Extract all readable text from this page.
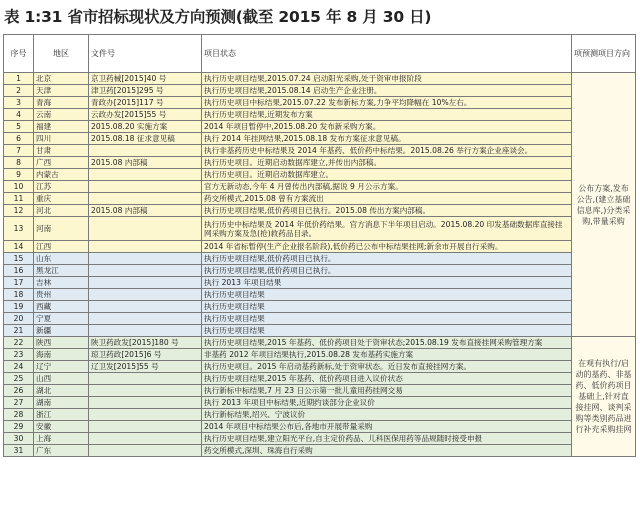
表 1:31 省市招标现状及方向预测(截至 2015 年 8 月 30 日)
序号	地区	文件号	项目状态	项预测项目方向
1	北京	京卫药械[2015]40 号	执行历史项目结果,2015.07.24 启动阳光采购,处于资审申报阶段	公布方案,发布公告,(建立基础信息库,)分类采购,带量采购
2	天津	津卫药[2015]295 号	执行历史项目结果,2015.08.14 启动生产企业注册。	
3	青海	青政办[2015]117 号	执行历史项目中标结果,2015.07.22 发布新标方案,力争平均降幅在 10%左右。	
4	云南	云政办发[2015]55 号	执行历史项目结果,近期发布方案	
5	福建	2015.08.20 实施方案	2014 年项目暂停中,2015.08.20 发布新采购方案。	
6	四川	2015.08.18 征求意见稿	执行 2014 年挂网结果,2015.08.18 发布方案征求意见稿。	
7	甘肃		执行非基药历史中标结果及 2014 年基药、低价药中标结果。2015.08.26 举行方案企业座谈会。	
8	广西	2015.08 内部稿	执行历史项目。近期启动数据库建立,并传出内部稿。	
9	内蒙古		执行历史项目。近期启动数据库建立。	
10	江苏		官方无新动态,今年 4 月曾传出内部稿,据说 9 月公示方案。	
11	重庆		药交所模式,2015.08 曾有方案流出	
12	河北	2015.08 内部稿	执行历史项目结果,低价药项目已执行。2015.08 传出方案内部稿。	
13	河南		执行历史中标结果及 2014 年低价药结果。官方消息下半年项目启动。2015.08.20 印发基础数据库直接挂网采购方案及急(抢)救药品目录。	
14	江西		2014 年省标暂停(生产企业报名阶段),低价药已公布中标结果挂网;新余市开展自行采购。	
15	山东		执行历史项目结果,低价药项目已执行。	
16	黑龙江		执行历史项目结果,低价药项目已执行。	
17	吉林		执行 2013 年项目结果	
18	贵州		执行历史项目结果	
19	西藏		执行历史项目结果	
20	宁夏		执行历史项目结果	
21	新疆		执行历史项目结果	
22	陕西	陕卫药政发[2015]180 号	执行历史项目结果,2015 年基药、低价药项目处于资审状态;2015.08.19 发布直接挂网采购管理方案	在观有执行/启动的基药、非基药、低价药项目基础上,针对直接挂网、谈判采购等类别药品进行补充采购挂网
23	海南	琼卫药政[2015]6 号	非基药 2012 年项目结果执行,2015.08.28 发布基药实施方案	
24	辽宁	辽卫发[2015]55 号	执行历史项目。2015 年启动基药新标,处于资审状态。近日发布直接挂网方案。	
25	山西		执行历史项目结果,2015 年基药、低价药项目进入议价状态	
26	湖北		执行新标中标结果,7 月 23 日公示第一批儿童用药挂网交易	
27	湖南		执行 2013 年项目中标结果,近期约谈部分企业议价	
28	浙江		执行新标结果,绍兴、宁波议价	
29	安徽		2014 年项目中标结果公布后,各地市开展带量采购	
30	上海		执行历史项目结果,建立阳光平台,自主定价药品、儿科医保用药等品规随时接受申报	
31	广东		药交所模式,深圳、珠海自行采购	
